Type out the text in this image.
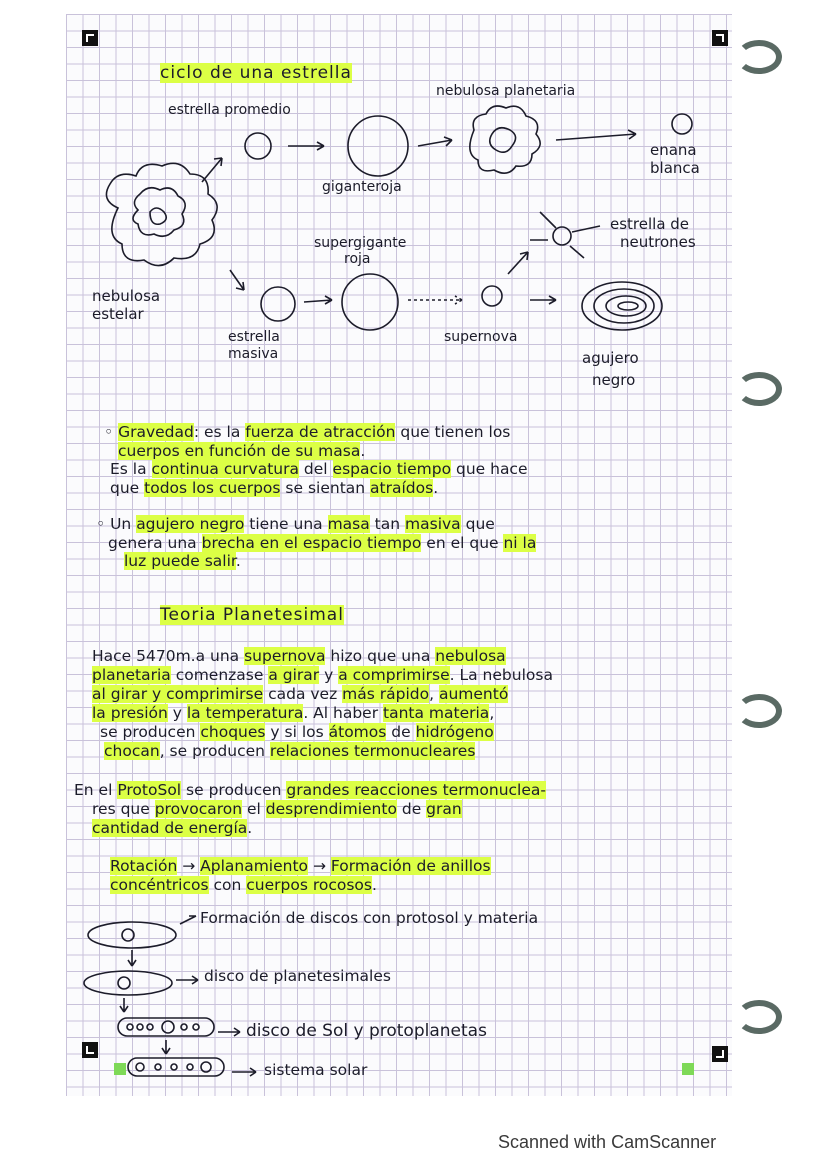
ciclo de una estrella
estrella promedio
giganteroja
nebulosa planetaria
enana
blanca
nebulosa
estelar
estrella
masiva
supergigante
roja
supernova
estrella de
neutrones
agujero
negro
◦ Gravedad: es la fuerza de atracción que tienen los
cuerpos en función de su masa.
Es la continua curvatura del espacio tiempo que hace
que todos los cuerpos se sientan atraídos.
◦ Un agujero negro tiene una masa tan masiva que
genera una brecha en el espacio tiempo en el que ni la
luz puede salir.
Teoria Planetesimal
Hace 5470m.a una supernova hizo que una nebulosa
planetaria comenzase a girar y a comprimirse. La nebulosa
al girar y comprimirse cada vez más rápido, aumentó
la presión y la temperatura. Al haber tanta materia,
se producen choques y si los átomos de hidrógeno
chocan, se producen relaciones termonucleares
En el ProtoSol se producen grandes reacciones termonuclea-
res que provocaron el desprendimiento de gran
cantidad de energía.
Rotación → Aplanamiento → Formación de anillos
concéntricos con cuerpos rocosos.
Formación de discos con protosol y materia
disco de planetesimales
disco de Sol y protoplanetas
sistema solar
Scanned with CamScanner
